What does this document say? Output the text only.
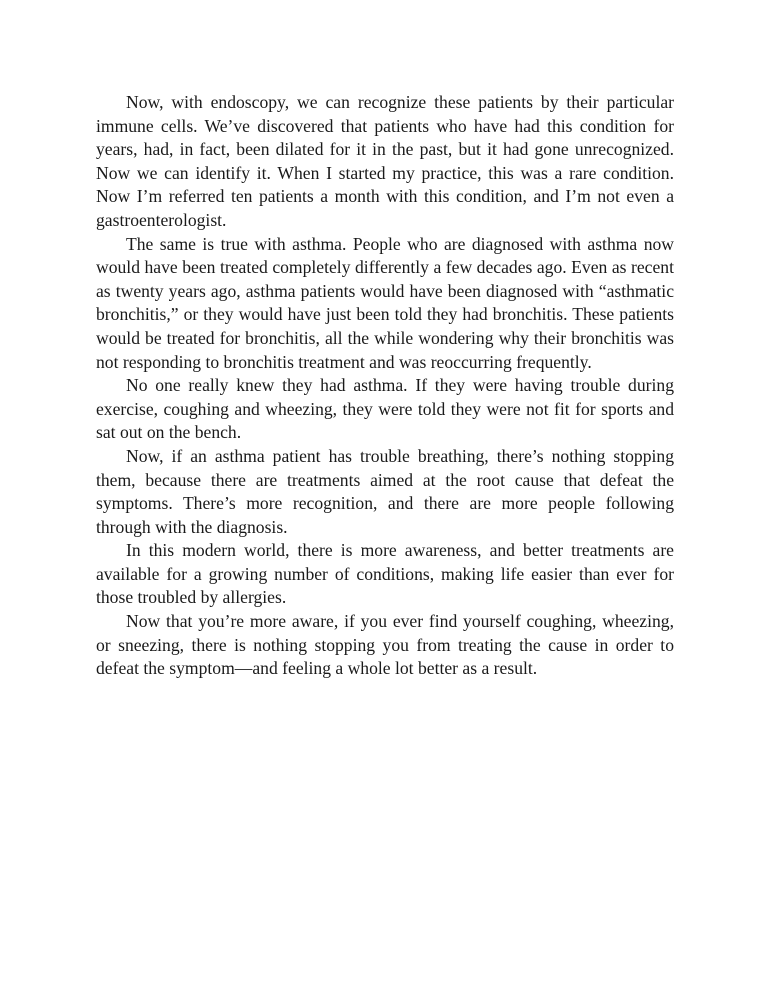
Now, with endoscopy, we can recognize these patients by their particular immune cells. We’ve discovered that patients who have had this condition for years, had, in fact, been dilated for it in the past, but it had gone unrecognized. Now we can identify it. When I started my practice, this was a rare condition. Now I’m referred ten patients a month with this condition, and I’m not even a gastroenterologist.

The same is true with asthma. People who are diagnosed with asthma now would have been treated completely differently a few decades ago. Even as recent as twenty years ago, asthma patients would have been diagnosed with “asthmatic bronchitis,” or they would have just been told they had bronchitis. These patients would be treated for bronchitis, all the while wondering why their bronchitis was not responding to bronchitis treatment and was reoccurring frequently.

No one really knew they had asthma. If they were having trouble during exercise, coughing and wheezing, they were told they were not fit for sports and sat out on the bench.

Now, if an asthma patient has trouble breathing, there’s nothing stopping them, because there are treatments aimed at the root cause that defeat the symptoms. There’s more recognition, and there are more people following through with the diagnosis.

In this modern world, there is more awareness, and better treatments are available for a growing number of conditions, making life easier than ever for those troubled by allergies.

Now that you’re more aware, if you ever find yourself coughing, wheezing, or sneezing, there is nothing stopping you from treating the cause in order to defeat the symptom—and feeling a whole lot better as a result.
